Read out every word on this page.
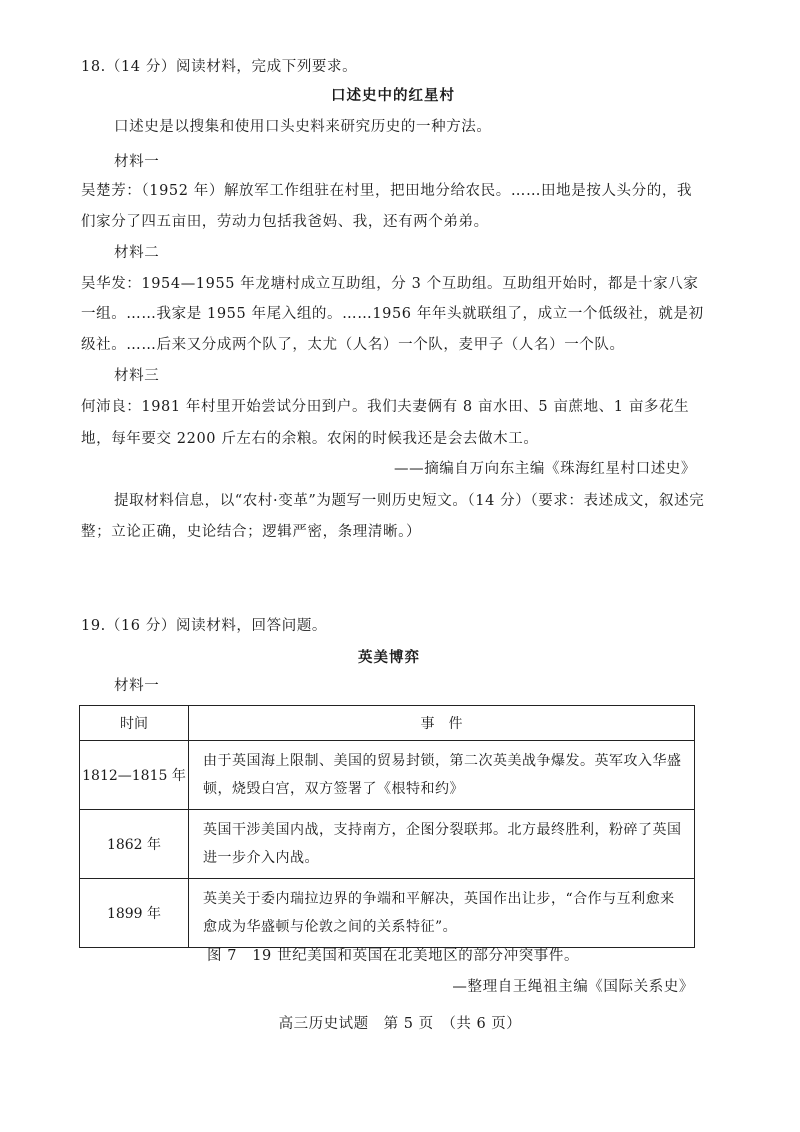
18.（14 分）阅读材料，完成下列要求。
口述史中的红星村
口述史是以搜集和使用口头史料来研究历史的一种方法。
材料一
吴楚芳：（1952 年）解放军工作组驻在村里，把田地分给农民。……田地是按人头分的，我
们家分了四五亩田，劳动力包括我爸妈、我，还有两个弟弟。
材料二
吴华发：1954—1955 年龙塘村成立互助组，分 3 个互助组。互助组开始时，都是十家八家
一组。……我家是 1955 年尾入组的。……1956 年年头就联组了，成立一个低级社，就是初
级社。……后来又分成两个队了，太尤（人名）一个队，麦甲子（人名）一个队。
材料三
何沛良：1981 年村里开始尝试分田到户。我们夫妻俩有 8 亩水田、5 亩蔗地、1 亩多花生
地，每年要交 2200 斤左右的余粮。农闲的时候我还是会去做木工。
——摘编自万向东主编《珠海红星村口述史》
提取材料信息，以“农村·变革”为题写一则历史短文。（14 分）（要求：表述成文，叙述完
整；立论正确，史论结合；逻辑严密，条理清晰。）
19.（16 分）阅读材料，回答问题。
英美博弈
材料一
时间	事　件
1812—1815 年	由于英国海上限制、美国的贸易封锁，第二次英美战争爆发。英军攻入华盛顿，烧毁白宫，双方签署了《根特和约》
1862 年	英国干涉美国内战，支持南方，企图分裂联邦。北方最终胜利，粉碎了英国进一步介入内战。
1899 年	英美关于委内瑞拉边界的争端和平解决，英国作出让步，“合作与互利愈来愈成为华盛顿与伦敦之间的关系特征”。
图 7　19 世纪美国和英国在北美地区的部分冲突事件。
—整理自王绳祖主编《国际关系史》
高三历史试题　第 5 页　（共 6 页）
